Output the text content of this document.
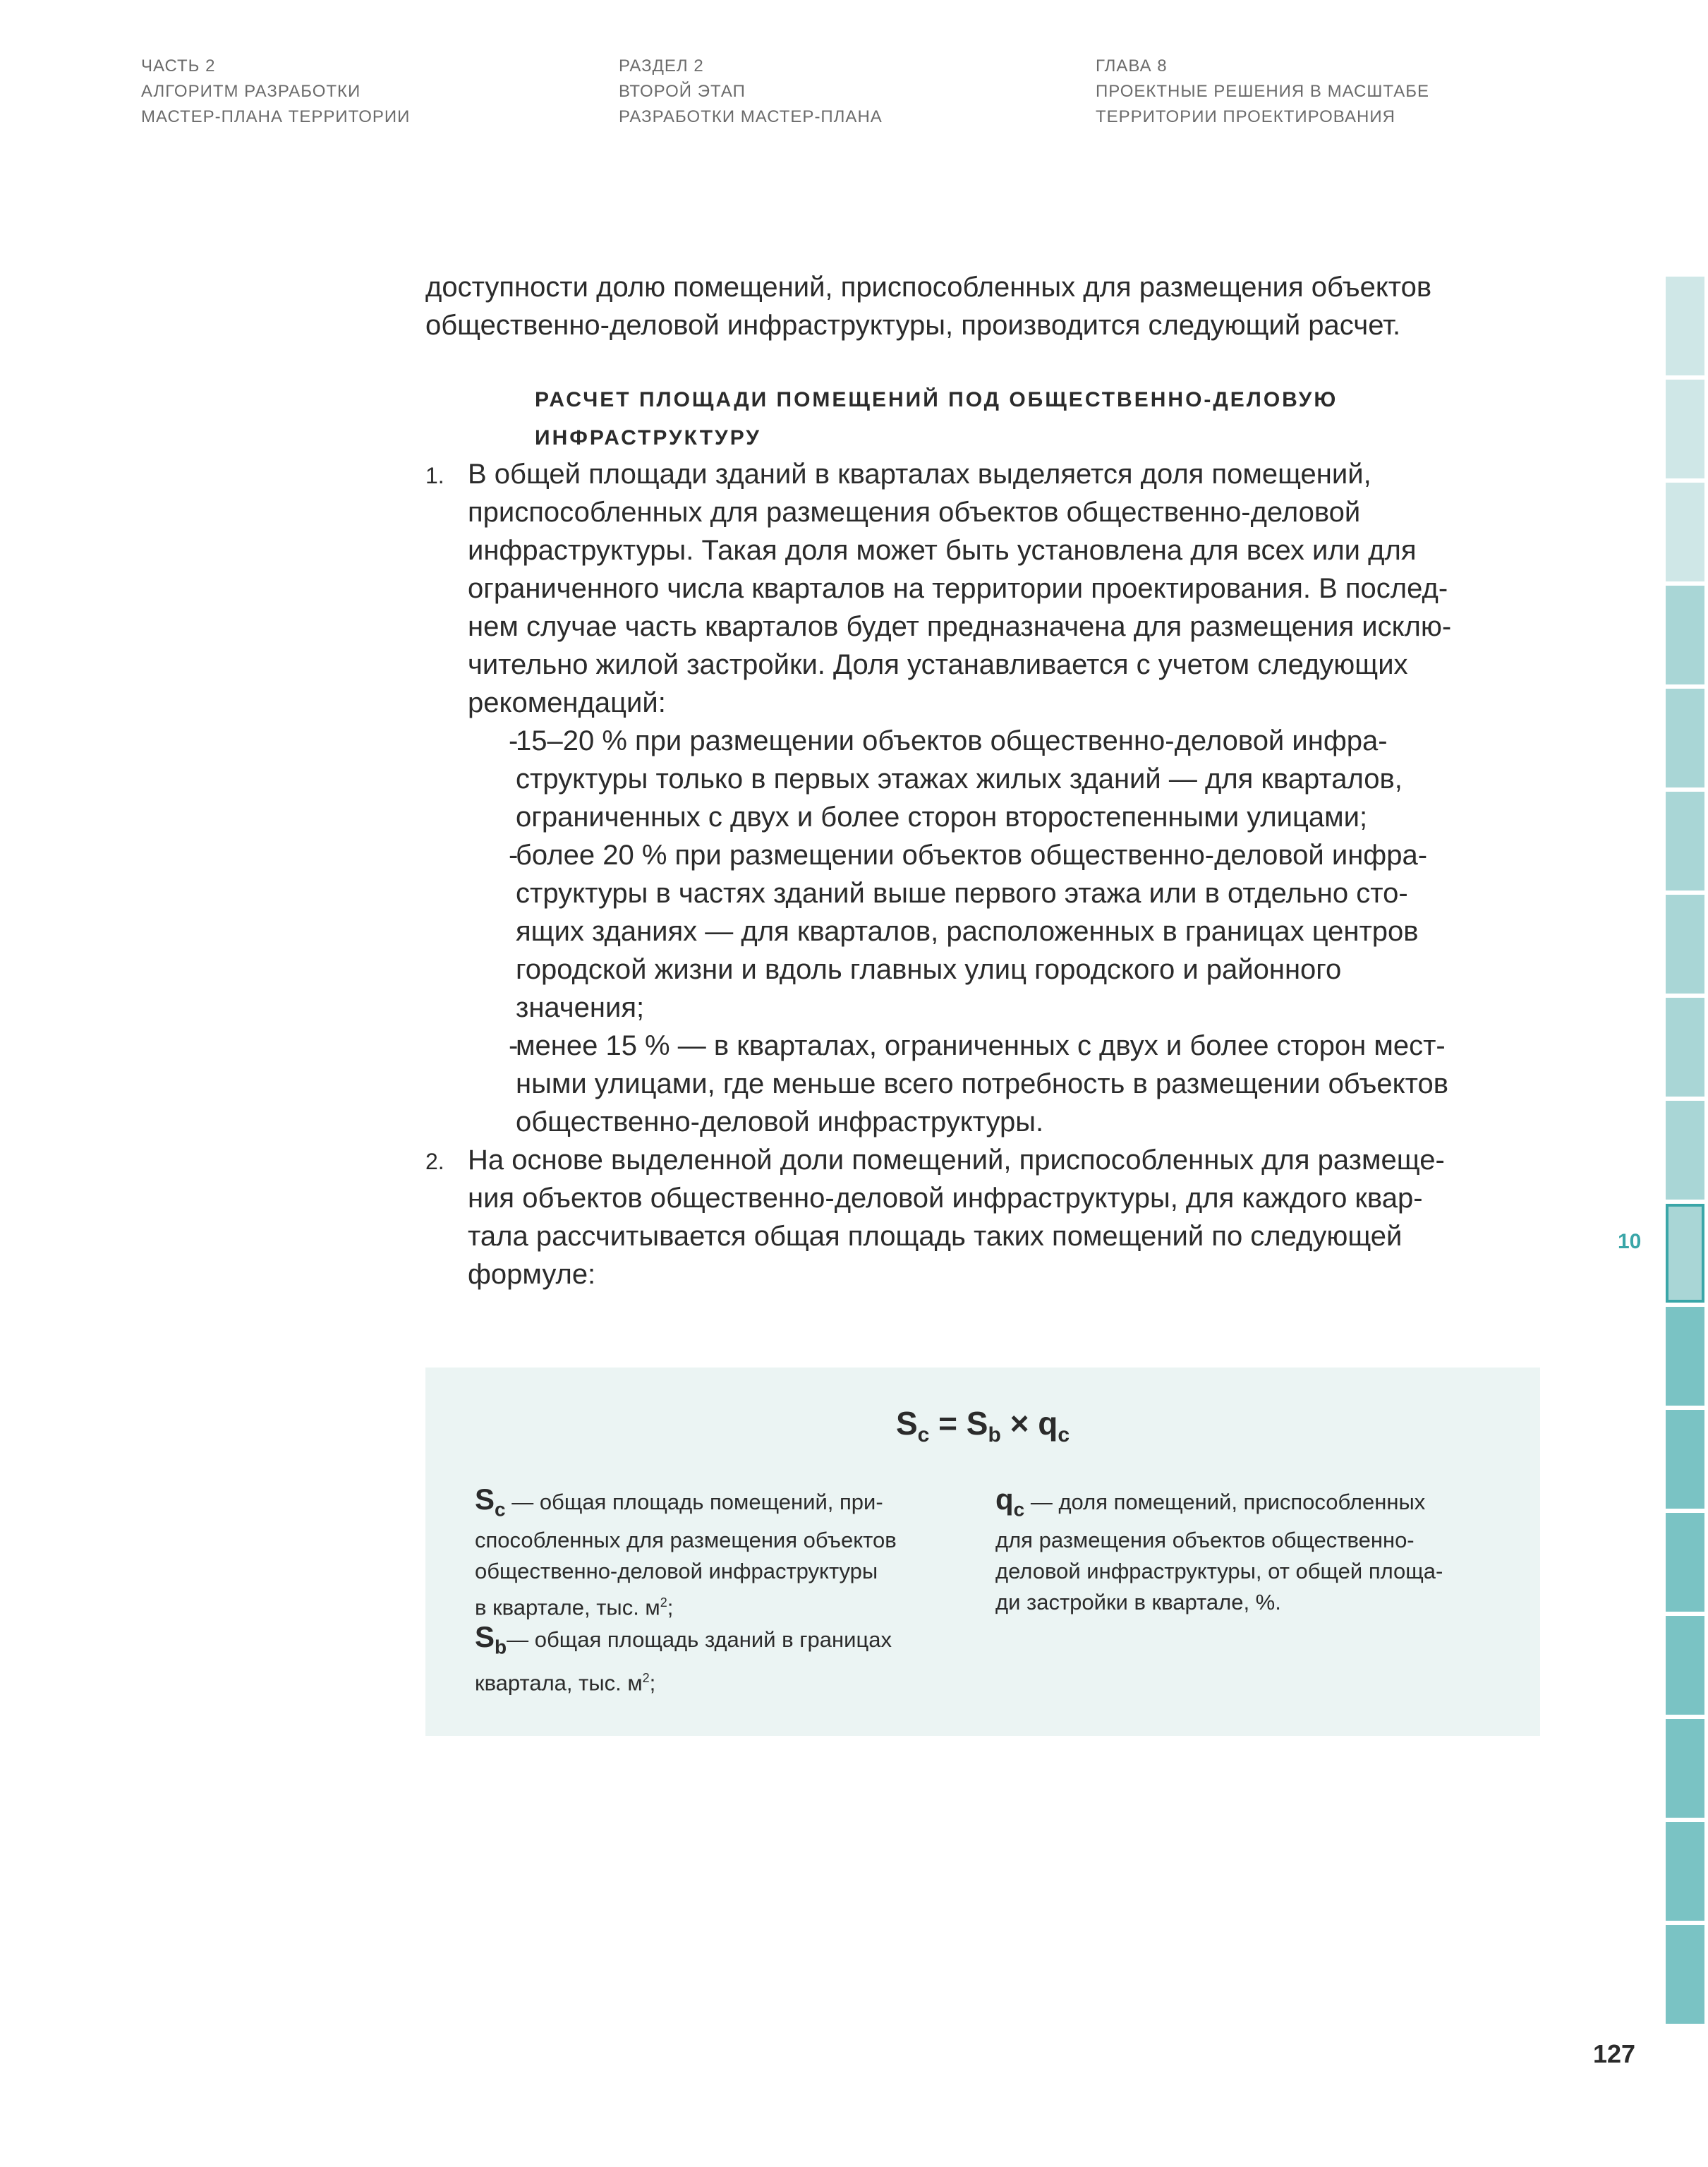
ЧАСТЬ 2
АЛГОРИТМ РАЗРАБОТКИ
МАСТЕР-ПЛАНА ТЕРРИТОРИИ
РАЗДЕЛ 2
ВТОРОЙ ЭТАП
РАЗРАБОТКИ МАСТЕР-ПЛАНА
ГЛАВА 8
ПРОЕКТНЫЕ РЕШЕНИЯ В МАСШТАБЕ
ТЕРРИТОРИИ ПРОЕКТИРОВАНИЯ
доступности долю помещений, приспособленных для размещения объектов
общественно-деловой инфраструктуры, производится следующий расчет.
РАСЧЕТ ПЛОЩАДИ ПОМЕЩЕНИЙ ПОД ОБЩЕСТВЕННО-ДЕЛОВУЮ
ИНФРАСТРУКТУРУ
1. В общей площади зданий в кварталах выделяется доля помещений,
приспособленных для размещения объектов общественно-деловой
инфраструктуры. Такая доля может быть установлена для всех или для
ограниченного числа кварталов на территории проектирования. В послед-
нем случае часть кварталов будет предназначена для размещения исклю-
чительно жилой застройки. Доля устанавливается с учетом следующих
рекомендаций:
-
15–20 % при размещении объектов общественно-деловой инфра-
структуры только в первых этажах жилых зданий — для кварталов,
ограниченных с двух и более сторон второстепенными улицами;
-
более 20 % при размещении объектов общественно-деловой инфра-
структуры в частях зданий выше первого этажа или в отдельно сто-
ящих зданиях — для кварталов, расположенных в границах центров
городской жизни и вдоль главных улиц городского и районного
значения;
-
менее 15 % — в кварталах, ограниченных с двух и более сторон мест-
ными улицами, где меньше всего потребность в размещении объектов
общественно-деловой инфраструктуры.
2. На основе выделенной доли помещений, приспособленных для размеще-
ния объектов общественно-деловой инфраструктуры, для каждого квар-
тала рассчитывается общая площадь таких помещений по следующей
формуле:
$S_c = S_b \times q_c$
$S_c$ — общая площадь помещений, при-
способленных для размещения объектов
общественно-деловой инфраструктуры
в квартале, тыс. $м^2$;
$q_c$ — доля помещений, приспособленных
для размещения объектов общественно-
деловой инфраструктуры, от общей площа-
ди застройки в квартале, %.
$S_b—$ общая площадь зданий в границах
квартала, тыс. $м^2$;
10
127
